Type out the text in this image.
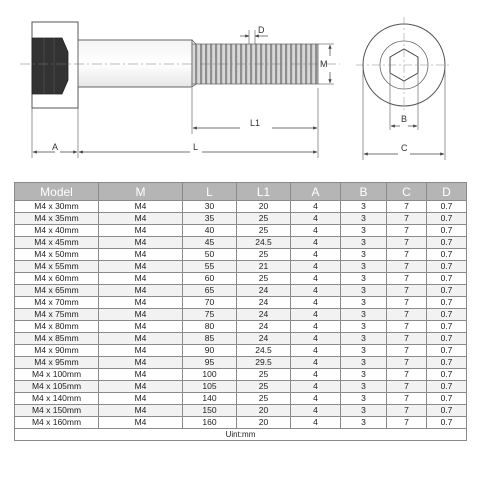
D
M
L1
A	L
B
C
Model	M	L	L1	A	B	C	D
M4 x 30mm	M4	30	20	4	3	7	0.7
M4 x 35mm	M4	35	25	4	3	7	0.7
M4 x 40mm	M4	40	25	4	3	7	0.7
M4 x 45mm	M4	45	24.5	4	3	7	0.7
M4 x 50mm	M4	50	25	4	3	7	0.7
M4 x 55mm	M4	55	21	4	3	7	0.7
M4 x 60mm	M4	60	25	4	3	7	0.7
M4 x 65mm	M4	65	24	4	3	7	0.7
M4 x 70mm	M4	70	24	4	3	7	0.7
M4 x 75mm	M4	75	24	4	3	7	0.7
M4 x 80mm	M4	80	24	4	3	7	0.7
M4 x 85mm	M4	85	24	4	3	7	0.7
M4 x 90mm	M4	90	24.5	4	3	7	0.7
M4 x 95mm	M4	95	29.5	4	3	7	0.7
M4 x 100mm	M4	100	25	4	3	7	0.7
M4 x 105mm	M4	105	25	4	3	7	0.7
M4 x 140mm	M4	140	25	4	3	7	0.7
M4 x 150mm	M4	150	20	4	3	7	0.7
M4 x 160mm	M4	160	20	4	3	7	0.7
Uint:mm							
